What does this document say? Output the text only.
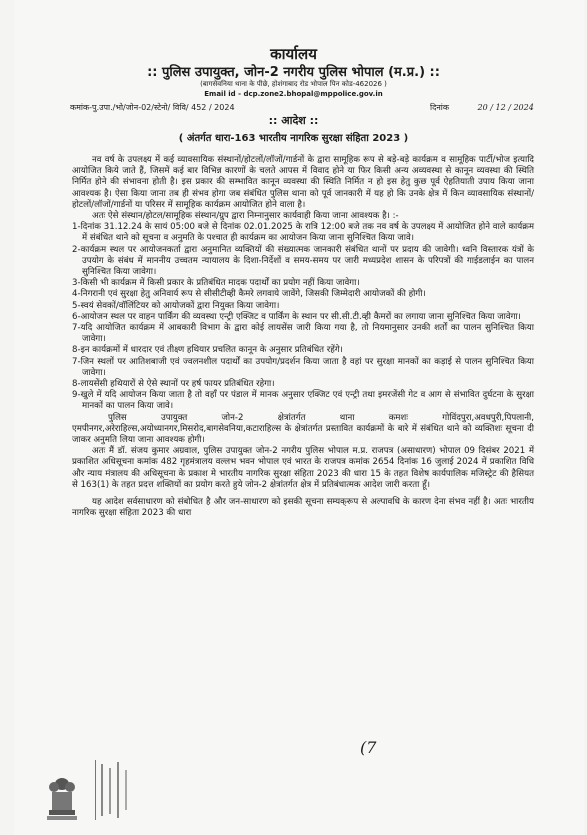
कार्यालय
:: पुलिस उपायुक्त, जोन-2 नगरीय पुलिस भोपाल (म.प्र.) ::
(बागसेवनिया थाना के पीछे, होशंगाबाद रोड भोपाल पिन कोड-462026 )
Email id - dcp.zone2.bhopal@mppolice.gov.in
कमांक-पु.उपा./भो/जोन-02/स्टेनो/ विवि/ 452 / 2024	दिनांक	20 / 12 / 2024
:: आदेश ::
( अंतर्गत धारा-163 भारतीय नागरिक सुरक्षा संहिता 2023 )

नव वर्ष के उपलक्ष्य में कई व्यावसायिक संस्थानों/होटलों/लॉजों/गार्डनों के द्वारा सामूहिक रूप से बड़े-बड़े कार्यक्रम व सामूहिक पार्टी/भोज इत्यादि आयोजित किये जाते हैं, जिसमें कई बार विभिन्न कारणों के चलते आपस में विवाद होने या फिर किसी अन्य अव्यवस्था से कानून व्यवस्था की स्थिति निर्मित होने की संभावना होती है। इस प्रकार की सम्भावित कानून व्यवस्था की स्थिति निर्मित न हो इस हेतु कुछ पूर्व ऐहतियाती उपाय किया जाना आवश्यक है। ऐसा किया जाना तब ही संभव होगा जब संबंधित पुलिस थाना को पूर्व जानकारी में यह हो कि उनके क्षेत्र में किन व्यावसायिक संस्थानों/होटलों/लॉजों/गार्डनों या परिसर में सामूहिक कार्यक्रम आयोजित होने वाला है।

अतः ऐसे संस्थान/होटल/सामूहिक संस्थान/ग्रुप द्वारा निम्नानुसार कार्यवाही किया जाना आवश्यक है। :-

1-दिनांक 31.12.24 के सायं 05:00 बजे से दिनांक 02.01.2025 के रात्रि 12:00 बजे तक नव वर्ष के उपलक्ष्य में आयोजित होने वाले कार्यक्रम में संबंधित थाने को सूचना व अनुमति के पश्चात ही कार्यक्रम का आयोजन किया जाना सुनिश्चित किया जावे।

2-कार्यक्रम स्थल पर आयोजनकर्ता द्वारा अनुमानित व्यक्तियों की संख्यात्मक जानकारी संबंधित थानों पर प्रदाय की जावेगी। ध्वनि विस्तारक यंत्रों के उपयोग के संबंध में माननीय उच्चतम न्यायालय के दिशा-निर्देशों व समय-समय पर जारी मध्यप्रदेश शासन के परिपत्रों की गाईडलाईन का पालन सुनिश्चित किया जावेगा।

3-किसी भी कार्यक्रम में किसी प्रकार के प्रतिबंधित मादक पदार्थों का प्रयोग नहीं किया जावेगा।

4-निगरानी एवं सुरक्षा हेतु अनिवार्य रूप से सीसीटीव्ही कैमरे लगवाये जावेंगे, जिसकी जिम्मेदारी आयोजकों की होगी।

5-स्वयं सेवकों/वॉलिंटियर को आयोजकों द्वारा नियुक्त किया जावेगा।

6-आयोजन स्थल पर वाहन पार्किंग की व्यवस्था एन्ट्री एक्जिट व पार्किंग के स्थान पर सी.सी.टी.व्ही कैमरों का लगाया जाना सुनिश्चित किया जावेगा।

7-यदि आयोजित कार्यक्रम में आबकारी विभाग के द्वारा कोई लायसेंस जारी किया गया है, तो नियमानुसार उनकी शर्तों का पालन सुनिश्चित किया जावेगा।

8-इन कार्यक्रमों में धारदार एवं तीक्ष्ण हथियार प्रचलित कानून के अनुसार प्रतिबंधित रहेंगे।

7-जिन स्थलों पर आतिशबाजी एवं ज्वलनशील पदार्थों का उपयोग/प्रदर्शन किया जाता है वहां पर सुरक्षा मानकों का कड़ाई से पालन सुनिश्चित किया जावेगा।

8-लायसेंसी हथियारों से ऐसे स्थानों पर हर्ष फायर प्रतिबंधित रहेगा।

9-खुले में यदि आयोजन किया जाता है तो वहाँ पर पंडाल में मानक अनुसार एक्जिट एवं एन्ट्री तथा इमरजेंसी गेट व आग से संभावित दुर्घटना के सुरक्षा मानकों का पालन किया जावे।

पुलिस उपायुक्त जोन-2 क्षेत्रांतर्गत थाना कमशः गोविंदपुरा,अवधपुरी,पिपलानी, एमपीनगर,अरेराहिल्स,अयोध्यानगर,मिसरोद,बागसेवनिया,कटाराहिल्स के क्षेत्रांतर्गत प्रस्तावित कार्यक्रमों के बारे में संबंधित थाने को व्यक्तिशः सूचना दी जाकर अनुमति लिया जाना आवश्यक होगी।

अतः मैं डॉ. संजय कुमार अग्रवाल, पुलिस उपायुक्त जोन-2 नगरीय पुलिस भोपाल म.प्र. राजपत्र (असाधारण) भोपाल 09 दिसंबर 2021 में प्रकाशित अधिसूचना कमांक 482 गृहमंत्रालय वल्लभ भवन भोपाल एवं भारत के राजपत्र कमांक 2654 दिनांक 16 जुलाई 2024 में प्रकाशित विधि और न्याय मंत्रालय की अधिसूचना के प्रकाश मे भारतीय नागरिक सुरक्षा संहिता 2023 की धारा 15 के तहत विशेष कार्यपालिक मजिस्ट्रेट की हैसियत से 163(1) के तहत प्रदत्त शक्तियों का प्रयोग करते हुये जोन-2 क्षेत्रांतर्गत क्षेत्र में प्रतिबंधात्मक आदेश जारी करता हूँ।

यह आदेश सर्वसाधारण को संबोधित है और जन-साधारण को इसकी सूचना सम्यक्‌रूप से अल्पावधि के कारण देना संभव नहीं है। अतः भारतीय नागरिक सुरक्षा संहिता 2023 की धारा

(7
